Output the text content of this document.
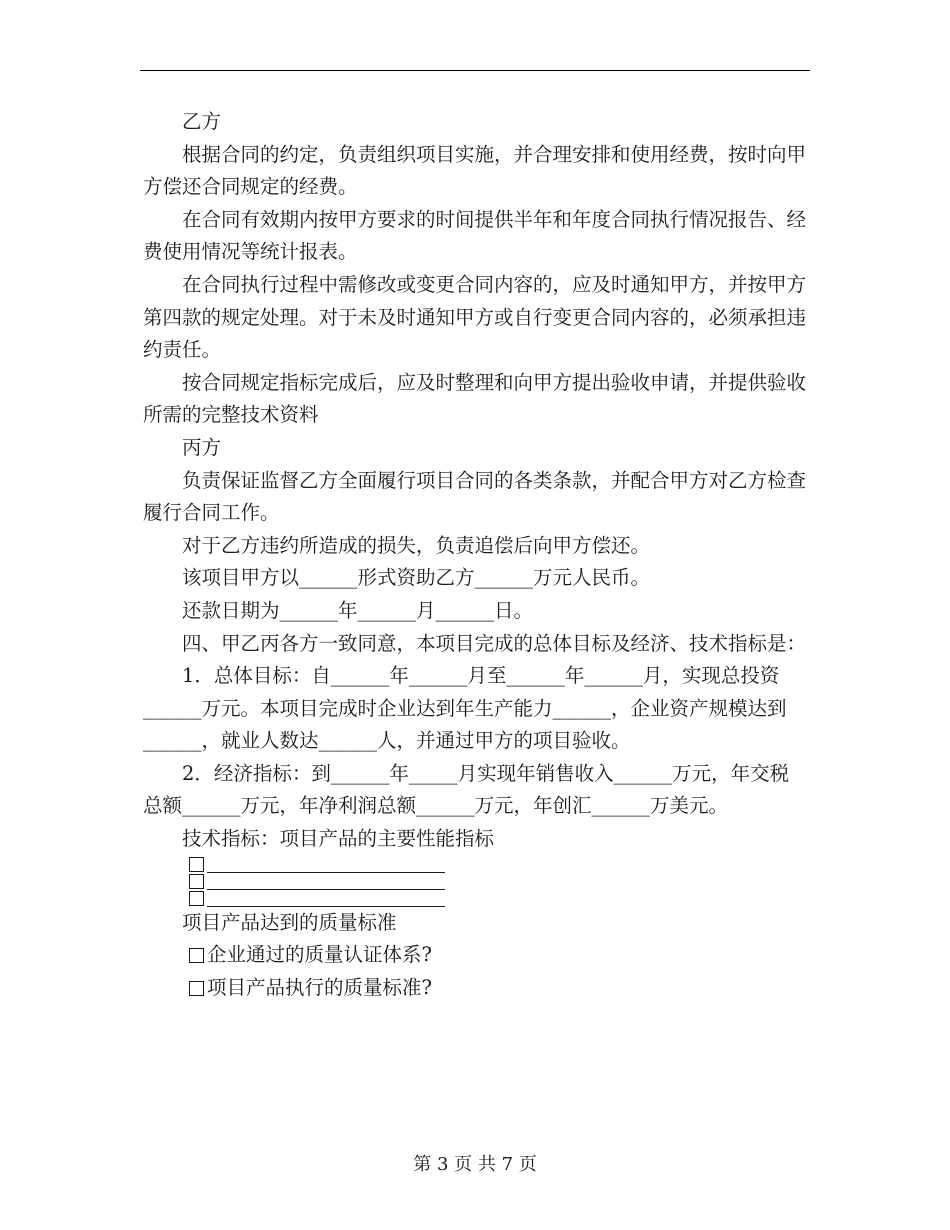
乙方

根据合同的约定，负责组织项目实施，并合理安排和使用经费，按时向甲方偿还合同规定的经费。

在合同有效期内按甲方要求的时间提供半年和年度合同执行情况报告、经费使用情况等统计报表。

在合同执行过程中需修改或变更合同内容的，应及时通知甲方，并按甲方第四款的规定处理。对于未及时通知甲方或自行变更合同内容的，必须承担违约责任。

按合同规定指标完成后，应及时整理和向甲方提出验收申请，并提供验收所需的完整技术资料

丙方

负责保证监督乙方全面履行项目合同的各类条款，并配合甲方对乙方检查履行合同工作。

对于乙方违约所造成的损失，负责追偿后向甲方偿还。

该项目甲方以______形式资助乙方______万元人民币。

还款日期为______年______月______日。

四、甲乙丙各方一致同意，本项目完成的总体目标及经济、技术指标是：

1．总体目标：自______年______月至______年______月，实现总投资______万元。本项目完成时企业达到年生产能力______，企业资产规模达到______，就业人数达______人，并通过甲方的项目验收。

2．经济指标：到______年_____月实现年销售收入______万元，年交税总额______万元，年净利润总额______万元，年创汇______万美元。

技术指标：项目产品的主要性能指标

项目产品达到的质量标准

企业通过的质量认证体系?
项目产品执行的质量标准?
第 3 页 共 7 页
